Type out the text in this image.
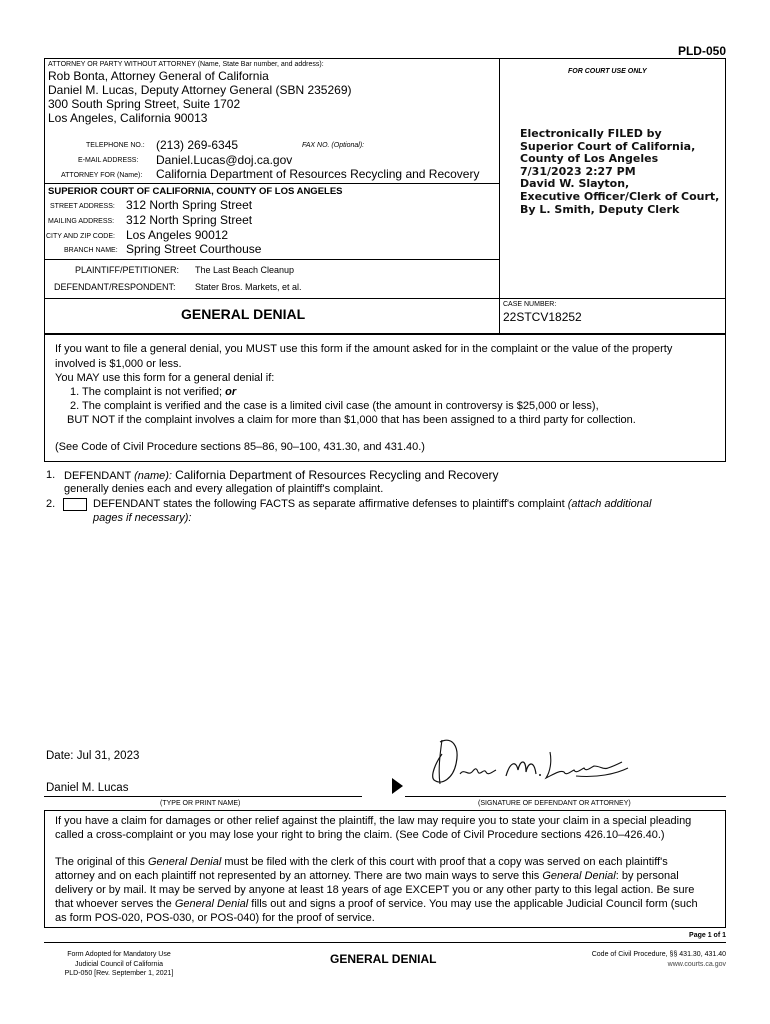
PLD-050
ATTORNEY OR PARTY WITHOUT ATTORNEY (Name, State Bar number, and address):
Rob Bonta, Attorney General of California
Daniel M. Lucas, Deputy Attorney General (SBN 235269)
300 South Spring Street, Suite 1702
Los Angeles, California 90013
TELEPHONE NO.: (213) 269-6345	FAX NO. (Optional):
E-MAIL ADDRESS: Daniel.Lucas@doj.ca.gov
ATTORNEY FOR (Name): California Department of Resources Recycling and Recovery
FOR COURT USE ONLY
Electronically FILED by
Superior Court of California,
County of Los Angeles
7/31/2023 2:27 PM
David W. Slayton,
Executive Officer/Clerk of Court,
By L. Smith, Deputy Clerk
SUPERIOR COURT OF CALIFORNIA, COUNTY OF LOS ANGELES
STREET ADDRESS: 312 North Spring Street
MAILING ADDRESS: 312 North Spring Street
CITY AND ZIP CODE: Los Angeles 90012
BRANCH NAME: Spring Street Courthouse
PLAINTIFF/PETITIONER: The Last Beach Cleanup
DEFENDANT/RESPONDENT: Stater Bros. Markets, et al.
GENERAL DENIAL
CASE NUMBER:
22STCV18252
If you want to file a general denial, you MUST use this form if the amount asked for in the complaint or the value of the property
involved is $1,000 or less.
You MAY use this form for a general denial if:
1. The complaint is not verified; or
2. The complaint is verified and the case is a limited civil case (the amount in controversy is $25,000 or less),
BUT NOT if the complaint involves a claim for more than $1,000 that has been assigned to a third party for collection.
(See Code of Civil Procedure sections 85–86, 90–100, 431.30, and 431.40.)
1. DEFENDANT (name): California Department of Resources Recycling and Recovery
generally denies each and every allegation of plaintiff's complaint.
2.	DEFENDANT states the following FACTS as separate affirmative defenses to plaintiff's complaint (attach additional
pages if necessary):
Date: Jul 31, 2023
Daniel M. Lucas
(TYPE OR PRINT NAME)	(SIGNATURE OF DEFENDANT OR ATTORNEY)
If you have a claim for damages or other relief against the plaintiff, the law may require you to state your claim in a special pleading
called a cross-complaint or you may lose your right to bring the claim. (See Code of Civil Procedure sections 426.10–426.40.)
The original of this General Denial must be filed with the clerk of this court with proof that a copy was served on each plaintiff's
attorney and on each plaintiff not represented by an attorney. There are two main ways to serve this General Denial: by personal
delivery or by mail. It may be served by anyone at least 18 years of age EXCEPT you or any other party to this legal action. Be sure
that whoever serves the General Denial fills out and signs a proof of service. You may use the applicable Judicial Council form (such
as form POS-020, POS-030, or POS-040) for the proof of service.
Page 1 of 1
Form Adopted for Mandatory Use
Judicial Council of California
PLD-050 [Rev. September 1, 2021]
GENERAL DENIAL	Code of Civil Procedure, §§ 431.30, 431.40
www.courts.ca.gov
